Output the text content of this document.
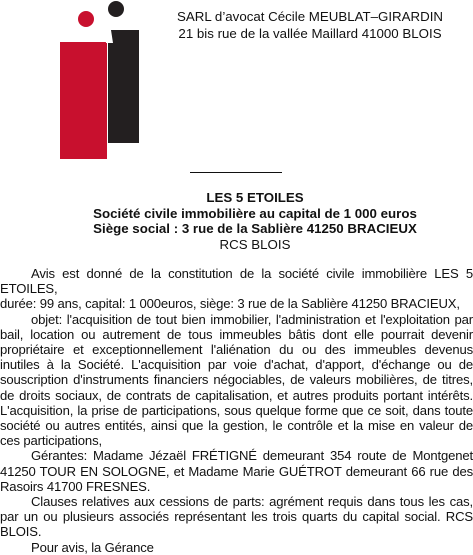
SARL d’avocat Cécile MEUBLAT–GIRARDIN
21 bis rue de la vallée Maillard 41000 BLOIS
LES 5 ETOILES
Société civile immobilière au capital de 1 000 euros
Siège social : 3 rue de la Sablière 41250 BRACIEUX
RCS BLOIS

Avis est donné de la constitution de la société civile immobilière LES 5 ETOILES,

durée: 99 ans, capital: 1 000euros, siège: 3 rue de la Sablière 41250 BRACIEUX,

objet: l'acquisition de tout bien immobilier, l'administration et l'exploitation par bail, location ou autrement de tous immeubles bâtis dont elle pourrait devenir propriétaire et exceptionnellement l'aliénation du ou des immeubles devenus inutiles à la Société. L'acquisition par voie d'achat, d'apport, d'échange ou de souscription d'instruments financiers négociables, de valeurs mobilières, de titres, de droits sociaux, de contrats de capitalisation, et autres produits portant intérêts. L'acquisition, la prise de participations, sous quelque forme que ce soit, dans toute société ou autres entités, ainsi que la gestion, le contrôle et la mise en valeur de ces participations,

Gérantes: Madame Jézaël FRÉTIGNÉ demeurant 354 route de Montgenet 41250 TOUR EN SOLOGNE, et Madame Marie GUÉTROT demeurant 66 rue des Rasoirs 41700 FRESNES.

Clauses relatives aux cessions de parts: agrément requis dans tous les cas, par un ou plusieurs associés représentant les trois quarts du capital social. RCS BLOIS.

Pour avis, la Gérance
